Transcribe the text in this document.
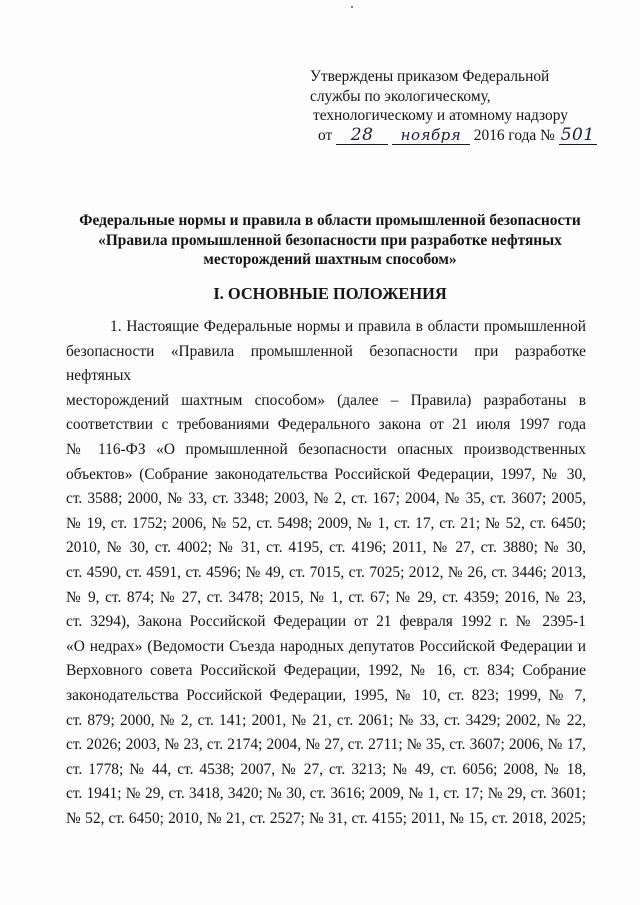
Утверждены приказом Федеральной
службы по экологическому,
технологическому и атомному надзору
от 28 ноября 2016 года № 501
Федеральные нормы и правила в области промышленной безопасности
«Правила промышленной безопасности при разработке нефтяных
месторождений шахтным способом»
I. ОСНОВНЫЕ ПОЛОЖЕНИЯ
1. Настоящие Федеральные нормы и правила в области промышленной
безопасности «Правила промышленной безопасности при разработке нефтяных
месторождений шахтным способом» (далее – Правила) разработаны в
соответствии с требованиями Федерального закона от 21 июля 1997 года
№ 116-ФЗ «О промышленной безопасности опасных производственных
объектов» (Собрание законодательства Российской Федерации, 1997, № 30,
ст. 3588; 2000, № 33, ст. 3348; 2003, № 2, ст. 167; 2004, № 35, ст. 3607; 2005,
№ 19, ст. 1752; 2006, № 52, ст. 5498; 2009, № 1, ст. 17, ст. 21; № 52, ст. 6450;
2010, № 30, ст. 4002; № 31, ст. 4195, ст. 4196; 2011, № 27, ст. 3880; № 30,
ст. 4590, ст. 4591, ст. 4596; № 49, ст. 7015, ст. 7025; 2012, № 26, ст. 3446; 2013,
№ 9, ст. 874; № 27, ст. 3478; 2015, № 1, ст. 67; № 29, ст. 4359; 2016, № 23,
ст. 3294), Закона Российской Федерации от 21 февраля 1992 г. № 2395-1
«О недрах» (Ведомости Съезда народных депутатов Российской Федерации и
Верховного совета Российской Федерации, 1992, № 16, ст. 834; Собрание
законодательства Российской Федерации, 1995, № 10, ст. 823; 1999, № 7,
ст. 879; 2000, № 2, ст. 141; 2001, № 21, ст. 2061; № 33, ст. 3429; 2002, № 22,
ст. 2026; 2003, № 23, ст. 2174; 2004, № 27, ст. 2711; № 35, ст. 3607; 2006, № 17,
ст. 1778; № 44, ст. 4538; 2007, № 27, ст. 3213; № 49, ст. 6056; 2008, № 18,
ст. 1941; № 29, ст. 3418, 3420; № 30, ст. 3616; 2009, № 1, ст. 17; № 29, ст. 3601;
№ 52, ст. 6450; 2010, № 21, ст. 2527; № 31, ст. 4155; 2011, № 15, ст. 2018, 2025;
